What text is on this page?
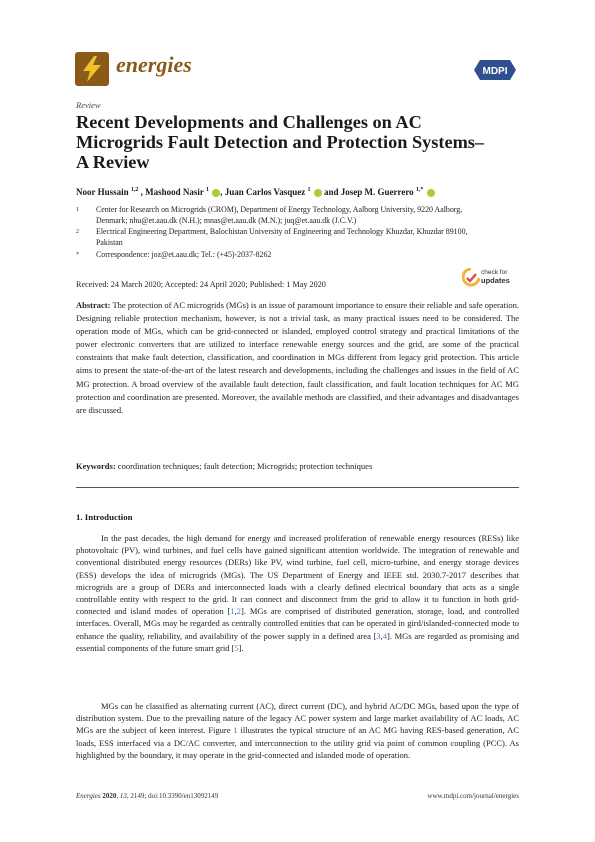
energies	MDPI
Review
Recent Developments and Challenges on AC Microgrids Fault Detection and Protection Systems–A Review
Noor Hussain $^{1,2}$ , Mashood Nasir $^1$ , Juan Carlos Vasquez $^1$ and Josep M. Guerrero $^{1,*}$
1 Center for Research on Microgrids (CROM), Department of Energy Technology, Aalborg University, 9220 Aalborg, Denmark; nhu@et.aau.dk (N.H.); mnas@et.aau.dk (M.N.); juq@et.aau.dk (J.C.V.)
2 Electrical Engineering Department, Balochistan University of Engineering and Technology Khuzdar, Khuzdar 89100, Pakistan
* Correspondence: joz@et.aau.dk; Tel.: (+45)-2037-8262
Received: 24 March 2020; Accepted: 24 April 2020; Published: 1 May 2020
check for
updates
Abstract: The protection of AC microgrids (MGs) is an issue of paramount importance to ensure their reliable and safe operation. Designing reliable protection mechanism, however, is not a trivial task, as many practical issues need to be considered. The operation mode of MGs, which can be grid-connected or islanded, employed control strategy and practical limitations of the power electronic converters that are utilized to interface renewable energy sources and the grid, are some of the practical constraints that make fault detection, classification, and coordination in MGs different from legacy grid protection. This article aims to present the state-of-the-art of the latest research and developments, including the challenges and issues in the field of AC MG protection. A broad overview of the available fault detection, fault classification, and fault location techniques for AC MG protection and coordination are presented. Moreover, the available methods are classified, and their advantages and disadvantages are discussed.
Keywords: coordination techniques; fault detection; Microgrids; protection techniques
1. Introduction
In the past decades, the high demand for energy and increased proliferation of renewable energy resources (RESs) like photovoltaic (PV), wind turbines, and fuel cells have gained significant attention worldwide. The integration of renewable and conventional distributed energy resources (DERs) like PV, wind turbine, fuel cell, micro-turbine, and energy storage devices (ESS) develops the idea of microgrids (MGs). The US Department of Energy and IEEE std. 2030.7-2017 describes that microgrids are a group of DERs and interconnected loads with a clearly defined electrical boundary that acts as a single controllable entity with respect to the grid. It can connect and disconnect from the grid to allow it to function in both grid-connected and island modes of operation [1,2]. MGs are comprised of distributed generation, storage, load, and controlled interfaces. Overall, MGs may be regarded as centrally controlled entities that can be operated in gird/islanded-connected mode to enhance the quality, reliability, and availability of the power supply in a defined area [3,4]. MGs are regarded as promising and essential components of the future smart grid [5].
MGs can be classified as alternating current (AC), direct current (DC), and hybrid AC/DC MGs, based upon the type of distribution system. Due to the prevailing nature of the legacy AC power system and large market availability of AC loads, AC MGs are the subject of keen interest. Figure 1 illustrates the typical structure of an AC MG having RES-based generation, AC loads, ESS interfaced via a DC/AC converter, and interconnection to the utility grid via point of common coupling (PCC). As highlighted by the boundary, it may operate in the grid-connected and islanded mode of operation.
Energies 2020, 13, 2149; doi:10.3390/en13092149	www.mdpi.com/journal/energies
